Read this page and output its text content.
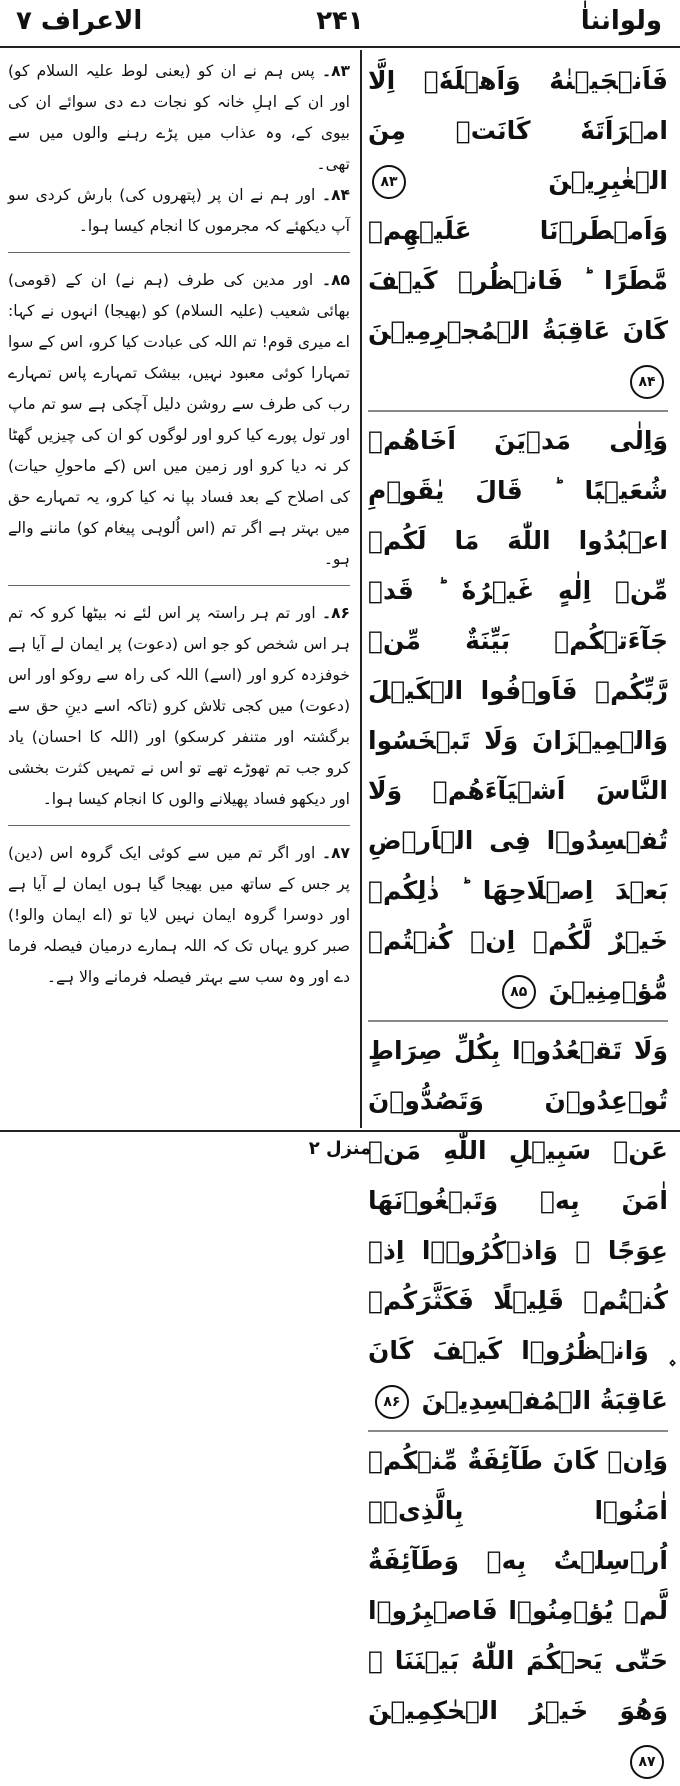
الاعراف ۷	۲۴۱	ولوانناٰ
فَاَنۡجَیۡنٰهُ وَاَهۡلَهٗۤ اِلَّا امۡرَاَتَهٗ كَانَتۡ مِنَ الۡغٰبِرِیۡنَ ۸۳ وَاَمۡطَرۡنَا عَلَیۡهِمۡ مَّطَرًا ؕ فَانۡظُرۡ كَیۡفَ كَانَ عَاقِبَةُ الۡمُجۡرِمِیۡنَ ۸۴
وَاِلٰی مَدۡیَنَ اَخَاهُمۡ شُعَیۡبًا ؕ قَالَ یٰقَوۡمِ اعۡبُدُوا اللّٰهَ مَا لَكُمۡ مِّنۡ اِلٰهٍ غَیۡرُهٗ ؕ قَدۡ جَآءَتۡكُمۡ بَیِّنَةٌ مِّنۡ رَّبِّكُمۡ فَاَوۡفُوا الۡكَیۡلَ وَالۡمِیۡزَانَ وَلَا تَبۡخَسُوا النَّاسَ اَشۡیَآءَهُمۡ وَلَا تُفۡسِدُوۡا فِی الۡاَرۡضِ بَعۡدَ اِصۡلَاحِهَا ؕ ذٰلِكُمۡ خَیۡرٌ لَّكُمۡ اِنۡ كُنۡتُمۡ مُّؤۡمِنِیۡنَ ۸۵
وَلَا تَقۡعُدُوۡا بِكُلِّ صِرَاطٍ تُوۡعِدُوۡنَ وَتَصُدُّوۡنَ عَنۡ سَبِیۡلِ اللّٰهِ مَنۡ اٰمَنَ بِهٖ وَتَبۡغُوۡنَهَا عِوَجًا ۚ وَاذۡكُرُوۡۤا اِذۡ كُنۡتُمۡ قَلِیۡلًا فَكَثَّرَكُمۡ ۪ وَانۡظُرُوۡا كَیۡفَ كَانَ عَاقِبَةُ الۡمُفۡسِدِیۡنَ ۸۶
وَاِنۡ كَانَ طَآئِفَةٌ مِّنۡكُمۡ اٰمَنُوۡا بِالَّذِیۡۤ اُرۡسِلۡتُ بِهٖ وَطَآئِفَةٌ لَّمۡ یُؤۡمِنُوۡا فَاصۡبِرُوۡا حَتّٰی یَحۡكُمَ اللّٰهُ بَیۡنَنَا ۚ وَهُوَ خَیۡرُ الۡحٰكِمِیۡنَ ۸۷
۸۳۔ پس ہم نے ان کو (یعنی لوط علیہ السلام کو) اور ان کے اہلِ خانہ کو نجات دے دی سوائے ان کی بیوی کے، وہ عذاب میں پڑے رہنے والوں میں سے تھی۔
۸۴۔ اور ہم نے ان پر (پتھروں کی) بارش کردی سو آپ دیکھئے کہ مجرموں کا انجام کیسا ہوا۔
۸۵۔ اور مدین کی طرف (ہم نے) ان کے (قومی) بھائی شعیب (علیہ السلام) کو (بھیجا) انہوں نے کہا: اے میری قوم! تم اللہ کی عبادت کیا کرو، اس کے سوا تمہارا کوئی معبود نہیں، بیشک تمہارے پاس تمہارے رب کی طرف سے روشن دلیل آچکی ہے سو تم ماپ اور تول پورے کیا کرو اور لوگوں کو ان کی چیزیں گھٹا کر نہ دیا کرو اور زمین میں اس (کے ماحولِ حیات) کی اصلاح کے بعد فساد بپا نہ کیا کرو، یہ تمہارے حق میں بہتر ہے اگر تم (اس اُلوہی پیغام کو) ماننے والے ہو۔
۸۶۔ اور تم ہر راستہ پر اس لئے نہ بیٹھا کرو کہ تم ہر اس شخص کو جو اس (دعوت) پر ایمان لے آیا ہے خوفزدہ کرو اور (اسے) اللہ کی راہ سے روکو اور اس (دعوت) میں کجی تلاش کرو (تاکہ اسے دینِ حق سے برگشتہ اور متنفر کرسکو) اور (اللہ کا احسان) یاد کرو جب تم تھوڑے تھے تو اس نے تمہیں کثرت بخشی اور دیکھو فساد پھیلانے والوں کا انجام کیسا ہوا۔
۸۷۔ اور اگر تم میں سے کوئی ایک گروہ اس (دین) پر جس کے ساتھ میں بھیجا گیا ہوں ایمان لے آیا ہے اور دوسرا گروہ ایمان نہیں لایا تو (اے ایمان والو!) صبر کرو یہاں تک کہ اللہ ہمارے درمیان فیصلہ فرما دے اور وہ سب سے بہتر فیصلہ فرمانے والا ہے۔
منزل ۲
